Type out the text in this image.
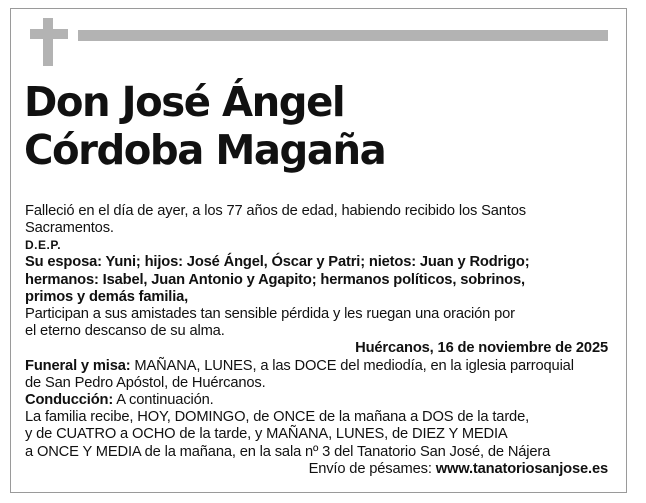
Don José Ángel
Córdoba Magaña

Falleció en el día de ayer, a los 77 años de edad, habiendo recibido los Santos Sacramentos.

D.E.P.

Su esposa: Yuni; hijos: José Ángel, Óscar y Patri; nietos: Juan y Rodrigo;
hermanos: Isabel, Juan Antonio y Agapito; hermanos políticos, sobrinos,
primos y demás familia,

Participan a sus amistades tan sensible pérdida y les ruegan una oración por
el eterno descanso de su alma.

Huércanos, 16 de noviembre de 2025

Funeral y misa: MAÑANA, LUNES, a las DOCE del mediodía, en la iglesia parroquial
de San Pedro Apóstol, de Huércanos.

Conducción: A continuación.

La familia recibe, HOY, DOMINGO, de ONCE de la mañana a DOS de la tarde,
y de CUATRO a OCHO de la tarde, y MAÑANA, LUNES, de DIEZ Y MEDIA
a ONCE Y MEDIA de la mañana, en la sala nº 3 del Tanatorio San José, de Nájera

Envío de pésames: www.tanatoriosanjose.es
